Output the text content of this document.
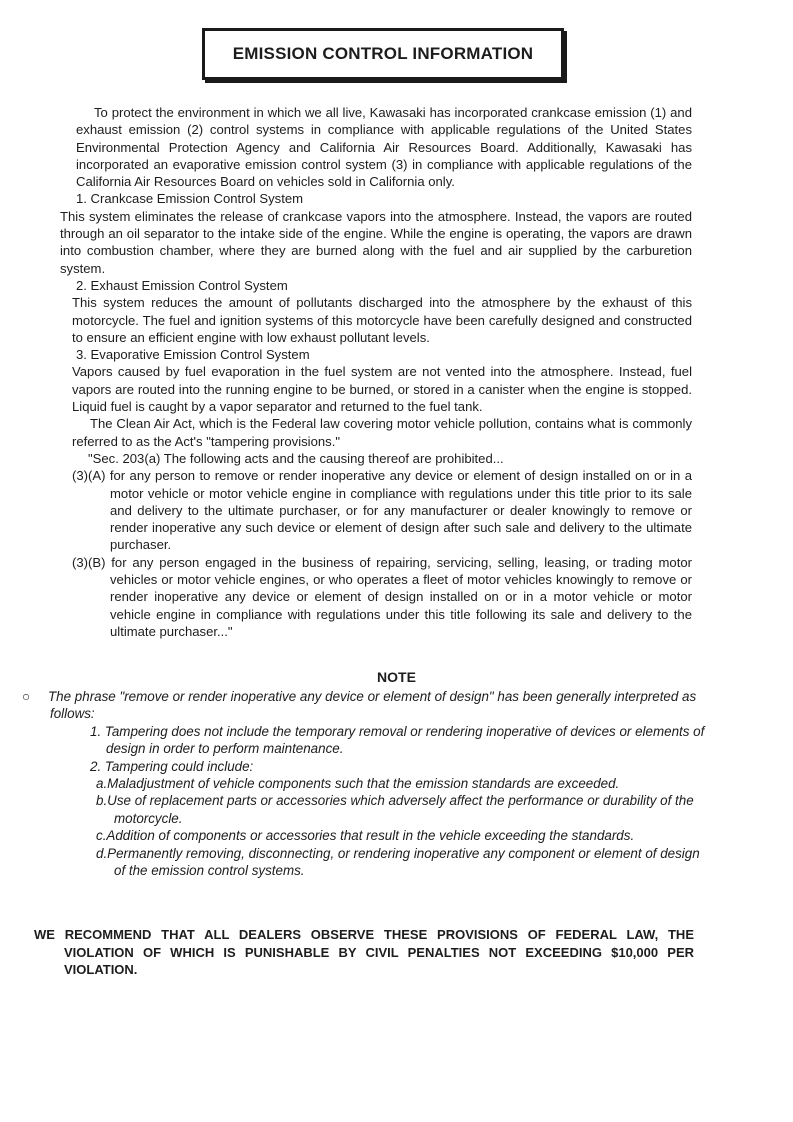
EMISSION CONTROL INFORMATION

To protect the environment in which we all live, Kawasaki has incorporated crankcase emission (1) and exhaust emission (2) control systems in compliance with applicable regulations of the United States Environmental Protection Agency and California Air Resources Board. Additionally, Kawasaki has incorporated an evaporative emission control system (3) in compliance with applicable regulations of the California Air Resources Board on vehicles sold in California only.

1. Crankcase Emission Control System

This system eliminates the release of crankcase vapors into the atmosphere. Instead, the vapors are routed through an oil separator to the intake side of the engine. While the engine is operating, the vapors are drawn into combustion chamber, where they are burned along with the fuel and air supplied by the carburetion system.

2. Exhaust Emission Control System

This system reduces the amount of pollutants discharged into the atmosphere by the exhaust of this motorcycle. The fuel and ignition systems of this motorcycle have been carefully designed and constructed to ensure an efficient engine with low exhaust pollutant levels.

3. Evaporative Emission Control System

Vapors caused by fuel evaporation in the fuel system are not vented into the atmosphere. Instead, fuel vapors are routed into the running engine to be burned, or stored in a canister when the engine is stopped. Liquid fuel is caught by a vapor separator and returned to the fuel tank.

The Clean Air Act, which is the Federal law covering motor vehicle pollution, contains what is commonly referred to as the Act's "tampering provisions."

"Sec. 203(a) The following acts and the causing thereof are prohibited...

(3)(A) for any person to remove or render inoperative any device or element of design installed on or in a motor vehicle or motor vehicle engine in compliance with regulations under this title prior to its sale and delivery to the ultimate purchaser, or for any manufacturer or dealer knowingly to remove or render inoperative any such device or element of design after such sale and delivery to the ultimate purchaser.

(3)(B) for any person engaged in the business of repairing, servicing, selling, leasing, or trading motor vehicles or motor vehicle engines, or who operates a fleet of motor vehicles knowingly to remove or render inoperative any device or element of design installed on or in a motor vehicle or motor vehicle engine in compliance with regulations under this title following its sale and delivery to the ultimate purchaser..."

NOTE

○ The phrase "remove or render inoperative any device or element of design" has been generally interpreted as follows:

1. Tampering does not include the temporary removal or rendering inoperative of devices or elements of design in order to perform maintenance.

2. Tampering could include:

a.Maladjustment of vehicle components such that the emission standards are exceeded.

b.Use of replacement parts or accessories which adversely affect the performance or durability of the motorcycle.

c.Addition of components or accessories that result in the vehicle exceeding the standards.

d.Permanently removing, disconnecting, or rendering inoperative any component or element of design of the emission control systems.

WE RECOMMEND THAT ALL DEALERS OBSERVE THESE PROVISIONS OF FEDERAL LAW, THE VIOLATION OF WHICH IS PUNISHABLE BY CIVIL PENALTIES NOT EXCEEDING $10,000 PER VIOLATION.
